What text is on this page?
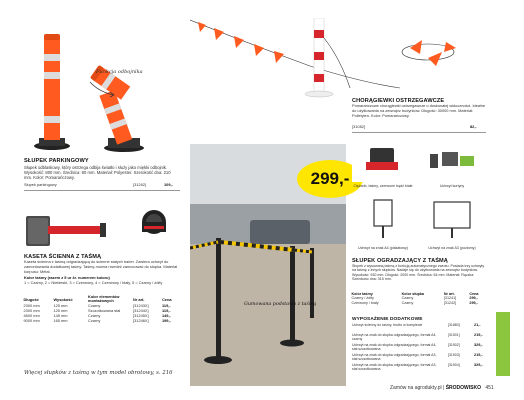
Funkcja odbojnika
SŁUPEK PARKINGOWY
Słupek odblaskowy, który ostrzega odbija światło i służy jako miękki odbojnik. Wysokość: 800 mm. Średnica: 80 mm. Materiał: Polyester. Szerokość dna: 210 mm. Kolor: Pomarańczowy.
Słupek parkingowy	[31262]	109,-
KASETA ŚCIENNA Z TAŚMĄ
Kaseta ścienna z taśmą odgradzającą do ścienne stałych barier. Zawiera uchwyt do zamontowania dodatkowej taśmy. Taśmę można również zamocować do słupka. Materiał korpusu: Metal.
Kolor taśmy (razem z 5 ur 4r. numerem koloru)
1 = Czarny, 2 = Niebieski, 3 = Czerwony, 4 = Czerwony / biały, 5 = Czarny / żółty
Długość	Wysokość	Kolor elementów montażowych	Nr art.	Cena
2300 mm	125 mm	Czarny	[31243X]	119,-
2300 mm	125 mm	Szczotkowana stal	[31244X]	119,-
4600 mm	145 mm	Czarny	[31245X]	149,-
9000 mm	165 mm	Czarny	[31246X]	199,-
Więcej słupków z taśmą w tym model obrotowy, s. 216
CHORĄGIEWKI OSTRZEGAWCZE
Pomarańczowe chorągiewki ostrzegawcze o doskonałej widoczności. Idealne do użytkowania na zewnątrz budynków. Długość: 30000 mm. Materiał: Polietylen. Kolor: Pomarańczowy.
[31082]	82,-
299,-
Gumowana podstawa z taśmą
Ciężarki, taśmy, czerwone bądź białe	Uchwyt kurtyny
Uchwyt na znak A4 (plakatowy)	Uchwyt na znak A3 (poziomy)
SŁUPEK OGRADZAJĄCY Z TAŚMĄ
Słupek z wysuwaną taśmą z funkcją automatycznego zwrotu. Posiada trzy uchwyty na taśmę z innych słupków. Nadaje się do użytkowania na zewnątrz budynków. Wysokość: 930 mm. Długość: 2000 mm. Średnica: 64 mm. Materiał: Rączka. Szerokość dna: 315 mm.
Kolor taśmy	Kolor słupka	Nr art.	Cena
Czarny / żółty	Czarny	[31241]	299,-
Czerwony / biały	Czarny	[31242]	299,-
WYPOSAŻENIE DODATKOWE
Uchwyt ścienny do taśmy, brutto w komplecie	[31880]	21,-
Uchwyt na znak do słupka odgradzającego, format A4, czarny
[31501]	219,-
Uchwyt na znak do słupka odgradzającego, format A4, stal szczotkowana
[31502]	329,-
Uchwyt na znak do słupka odgradzającego, format A3, stal szczotkowana
[31503]	219,-
Uchwyt na znak do słupka odgradzającego, format A3, stal szczotkowana
[31504]	329,-
Zamów na agrodukty.pl | ŚRODOWISKO 451
